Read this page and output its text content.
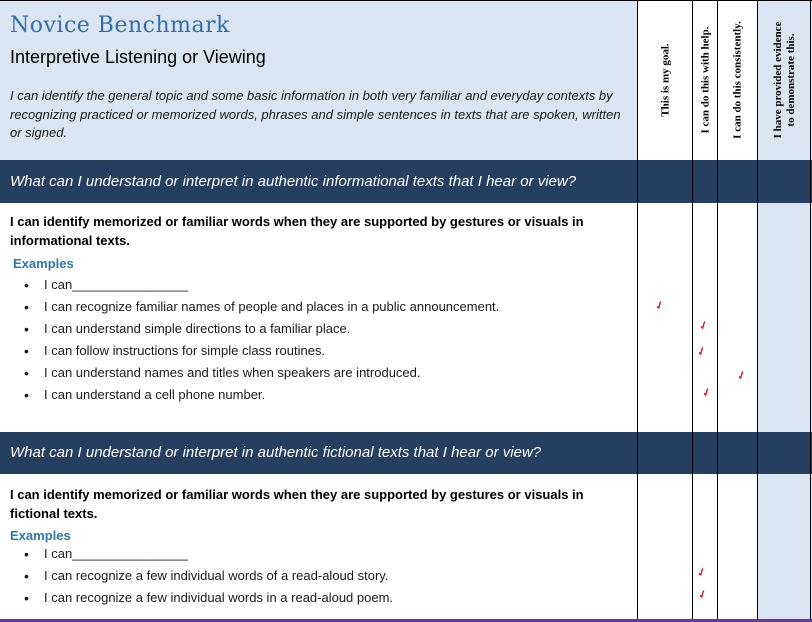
Novice Benchmark
Interpretive Listening or Viewing
I can identify the general topic and some basic information in both very familiar and everyday contexts by recognizing practiced or memorized words, phrases and simple sentences in texts that are spoken, written or signed.
This is my goal.	I can do this with help. I can do this consistently.	I have provided evidence to demonstrate this.
What can I understand or interpret in authentic informational texts that I hear or view?
I can identify memorized or familiar words when they are supported by gestures or visuals in informational texts.
Examples
• I can________________
• I can recognize familiar names of people and places in a public announcement.
• I can understand simple directions to a familiar place.
• I can follow instructions for simple class routines.
• I can understand names and titles when speakers are introduced.
• I can understand a cell phone number.
What can I understand or interpret in authentic fictional texts that I hear or view?
I can identify memorized or familiar words when they are supported by gestures or visuals in fictional texts.
Examples
• I can________________
• I can recognize a few individual words of a read-aloud story.
• I can recognize a few individual words in a read-aloud poem.
✓
✓
✓
✓
✓
✓
✓
